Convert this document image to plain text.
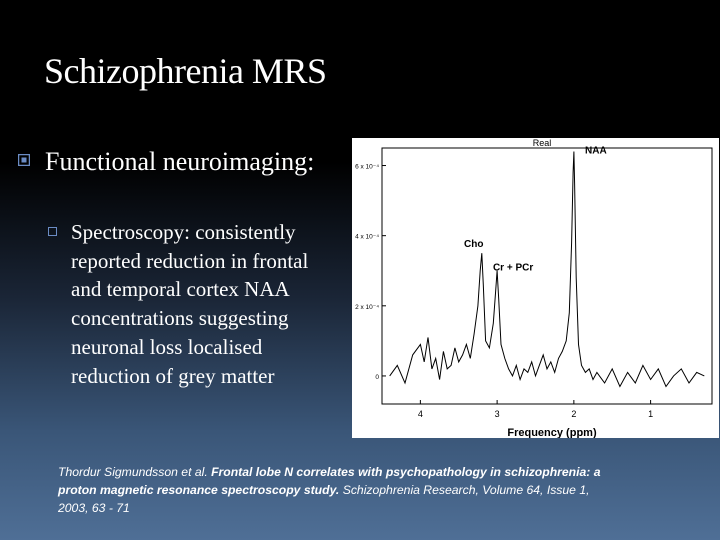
Schizophrenia MRS
Functional neuroimaging:
Spectroscopy: consistently reported reduction in frontal and temporal cortex NAA concentrations suggesting neuronal loss localised reduction of grey matter
Real
0
2 x 10⁻⁴
4 x 10⁻⁴
6 x 10⁻⁴
4	3	2	1
Cho
Cr + PCr
NAA
Frequency (ppm)
Thordur Sigmundsson et al. Frontal lobe N correlates with psychopathology in schizophrenia: a proton magnetic resonance spectroscopy study. Schizophrenia Research, Volume 64, Issue 1, 2003, 63 - 71
